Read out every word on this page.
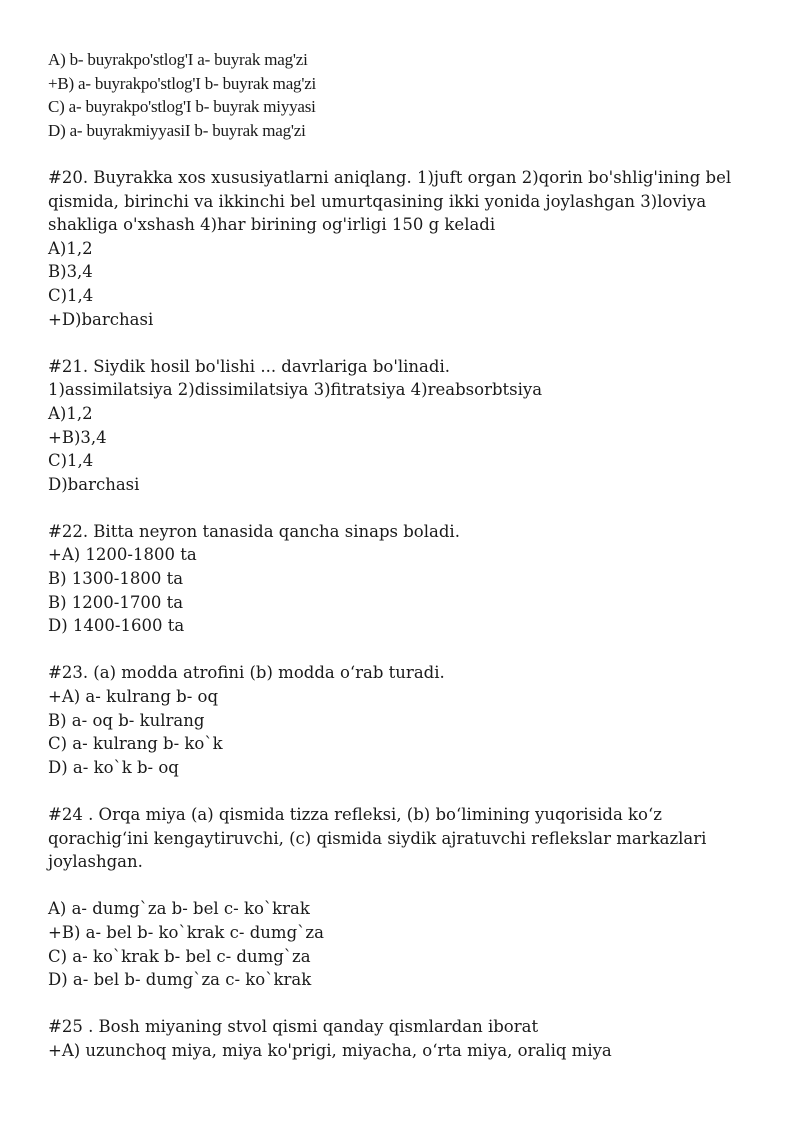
A) b- buyrakpo'stlog'I a- buyrak mag'zi
+B) a- buyrakpo'stlog'I b- buyrak mag'zi
C) a- buyrakpo'stlog'I b- buyrak miyyasi
D) a- buyrakmiyyasiI b- buyrak mag'zi
#20. Buyrakka xos xususiyatlarni aniqlang. 1)juft organ 2)qorin bo'shlig'ining bel qismida, birinchi va ikkinchi bel umurtqasining ikki yonida joylashgan 3)loviya shakliga o'xshash 4)har birining og'irligi 150 g keladi
A)1,2
B)3,4
C)1,4
+D)barchasi
#21. Siydik hosil bo'lishi ... davrlariga bo'linadi.
1)assimilatsiya 2)dissimilatsiya 3)fitratsiya 4)reabsorbtsiya
A)1,2
+B)3,4
C)1,4
D)barchasi
#22. Bitta neyron tanasida qancha sinaps boladi.
+A) 1200-1800 ta
B) 1300-1800 ta
B) 1200-1700 ta
D) 1400-1600 ta
#23. (a) modda atrofini (b) modda o‘rab turadi.
+A) a- kulrang b- oq
B) a- oq b- kulrang
C) a- kulrang b- ko`k
D) a- ko`k b- oq
#24 . Orqa miya (a) qismida tizza refleksi, (b) bo‘limining yuqorisida ko‘z qorachig‘ini kengaytiruvchi, (c) qismida siydik ajratuvchi reflekslar markazlari joylashgan.
A) a- dumg`za b- bel c- ko`krak
+B) a- bel b- ko`krak c- dumg`za
C) a- ko`krak b- bel c- dumg`za
D) a- bel b- dumg`za c- ko`krak
#25 . Bosh miyaning stvol qismi qanday qismlardan iborat
+A) uzunchoq miya, miya ko'prigi, miyacha, o‘rta miya, oraliq miya
